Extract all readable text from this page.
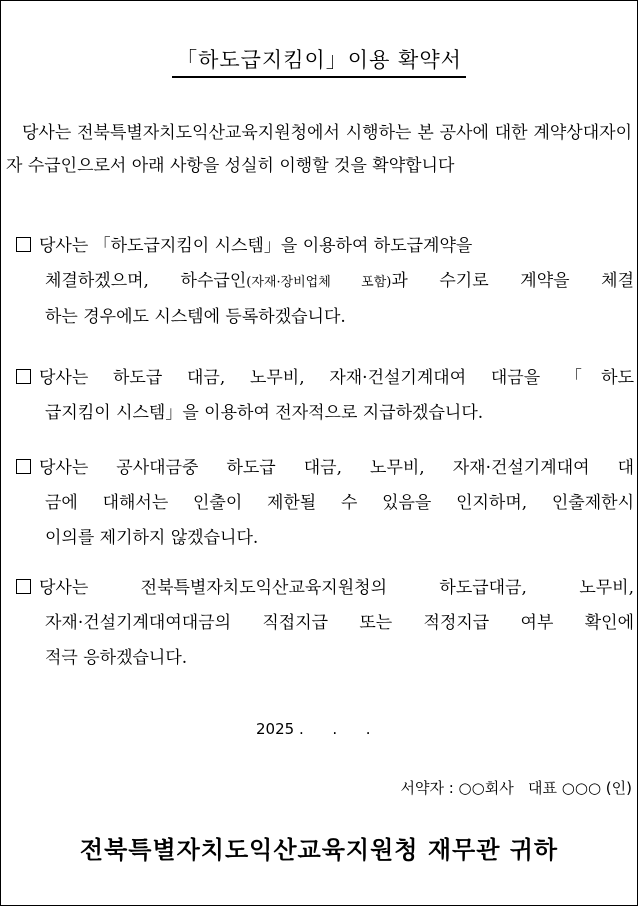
「하도급지킴이」이용 확약서
당사는 전북특별자치도익산교육지원청에서 시행하는 본 공사에 대한 계약상대자이자 수급인으로서 아래 사항을 성실히 이행할 것을 확약합니다
당사는 「하도급지킴이 시스템」을 이용하여 하도급계약을
체결하겠으며, 하수급인(자재·장비업체 포함)과 수기로 계약을 체결
하는 경우에도 시스템에 등록하겠습니다.
당사는 하도급 대금, 노무비, 자재·건설기계대여 대금을 「하도
급지킴이 시스템」을 이용하여 전자적으로 지급하겠습니다.
당사는 공사대금중 하도급 대금, 노무비, 자재·건설기계대여 대
금에 대해서는 인출이 제한될 수 있음을 인지하며, 인출제한시
이의를 제기하지 않겠습니다.
당사는 전북특별자치도익산교육지원청의 하도급대금, 노무비,
자재·건설기계대여대금의 직접지급 또는 적정지급 여부 확인에
적극 응하겠습니다.
2025 .      .      .
서약자 : ○○회사   대표 ○○○ (인)
전북특별자치도익산교육지원청 재무관 귀하
